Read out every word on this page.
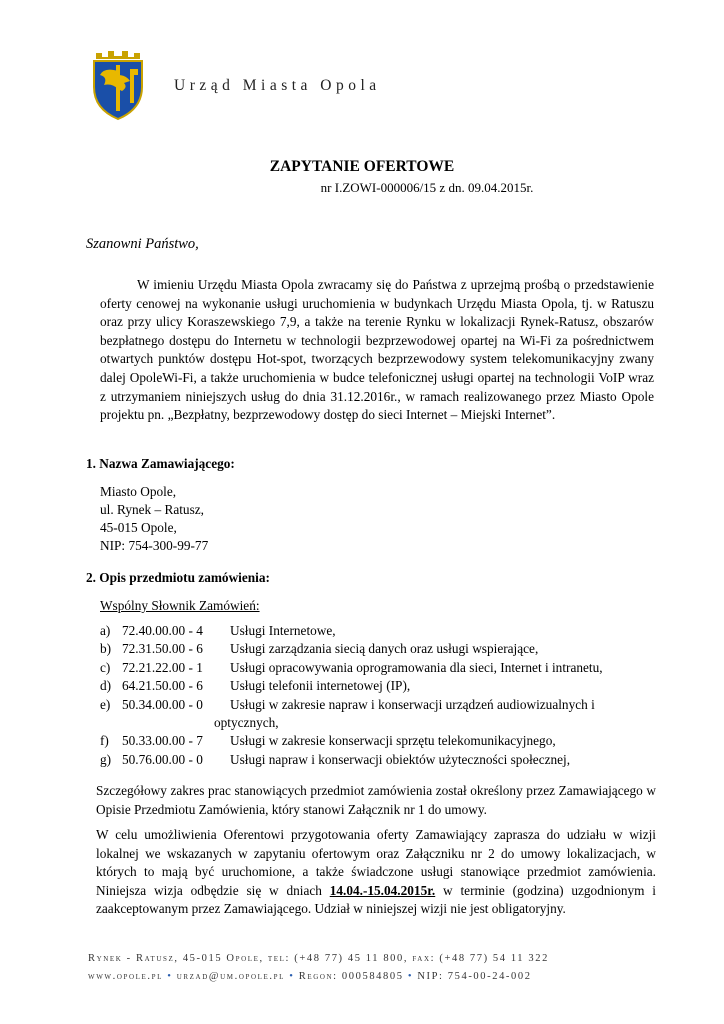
Urząd Miasta Opola
ZAPYTANIE OFERTOWE
nr I.ZOWI-000006/15 z dn. 09.04.2015r.
Szanowni Państwo,
W imieniu Urzędu Miasta Opola zwracamy się do Państwa z uprzejmą prośbą o przedstawienie oferty cenowej na wykonanie usługi uruchomienia w budynkach Urzędu Miasta Opola, tj. w Ratuszu oraz przy ulicy Koraszewskiego 7,9, a także na terenie Rynku w lokalizacji Rynek-Ratusz, obszarów bezpłatnego dostępu do Internetu w technologii bezprzewodowej opartej na Wi-Fi za pośrednictwem otwartych punktów dostępu Hot-spot, tworzących bezprzewodowy system telekomunikacyjny zwany dalej OpoleWi-Fi, a także uruchomienia w budce telefonicznej usługi opartej na technologii VoIP wraz z utrzymaniem niniejszych usług do dnia 31.12.2016r., w ramach realizowanego przez Miasto Opole projektu pn. „Bezpłatny, bezprzewodowy dostęp do sieci Internet – Miejski Internet”.
1. Nazwa Zamawiającego:
Miasto Opole,
ul. Rynek – Ratusz,
45-015 Opole,
NIP: 754-300-99-77
2. Opis przedmiotu zamówienia:
Wspólny Słownik Zamówień:
a) 72.40.00.00 - 4	Usługi Internetowe,
b) 72.31.50.00 - 6	Usługi zarządzania siecią danych oraz usługi wspierające,
c) 72.21.22.00 - 1	Usługi opracowywania oprogramowania dla sieci, Internet i intranetu,
d) 64.21.50.00 - 6	Usługi telefonii internetowej (IP),
e) 50.34.00.00 - 0	Usługi w zakresie napraw i konserwacji urządzeń audiowizualnych i
optycznych,
f) 50.33.00.00 - 7	Usługi w zakresie konserwacji sprzętu telekomunikacyjnego,
g) 50.76.00.00 - 0	Usługi napraw i konserwacji obiektów użyteczności społecznej,
Szczegółowy zakres prac stanowiących przedmiot zamówienia został określony przez Zamawiającego w Opisie Przedmiotu Zamówienia, który stanowi Załącznik nr 1 do umowy.
W celu umożliwienia Oferentowi przygotowania oferty Zamawiający zaprasza do udziału w wizji lokalnej we wskazanych w zapytaniu ofertowym oraz Załączniku nr 2 do umowy lokalizacjach, w których to mają być uruchomione, a także świadczone usługi stanowiące przedmiot zamówienia. Niniejsza wizja odbędzie się w dniach 14.04.-15.04.2015r. w terminie (godzina) uzgodnionym i zaakceptowanym przez Zamawiającego. Udział w niniejszej wizji nie jest obligatoryjny.
Rynek - Ratusz, 45-015 Opole, tel: (+48 77) 45 11 800, fax: (+48 77) 54 11 322
www.opole.pl • urzad@um.opole.pl • Regon: 000584805 • NIP: 754-00-24-002
